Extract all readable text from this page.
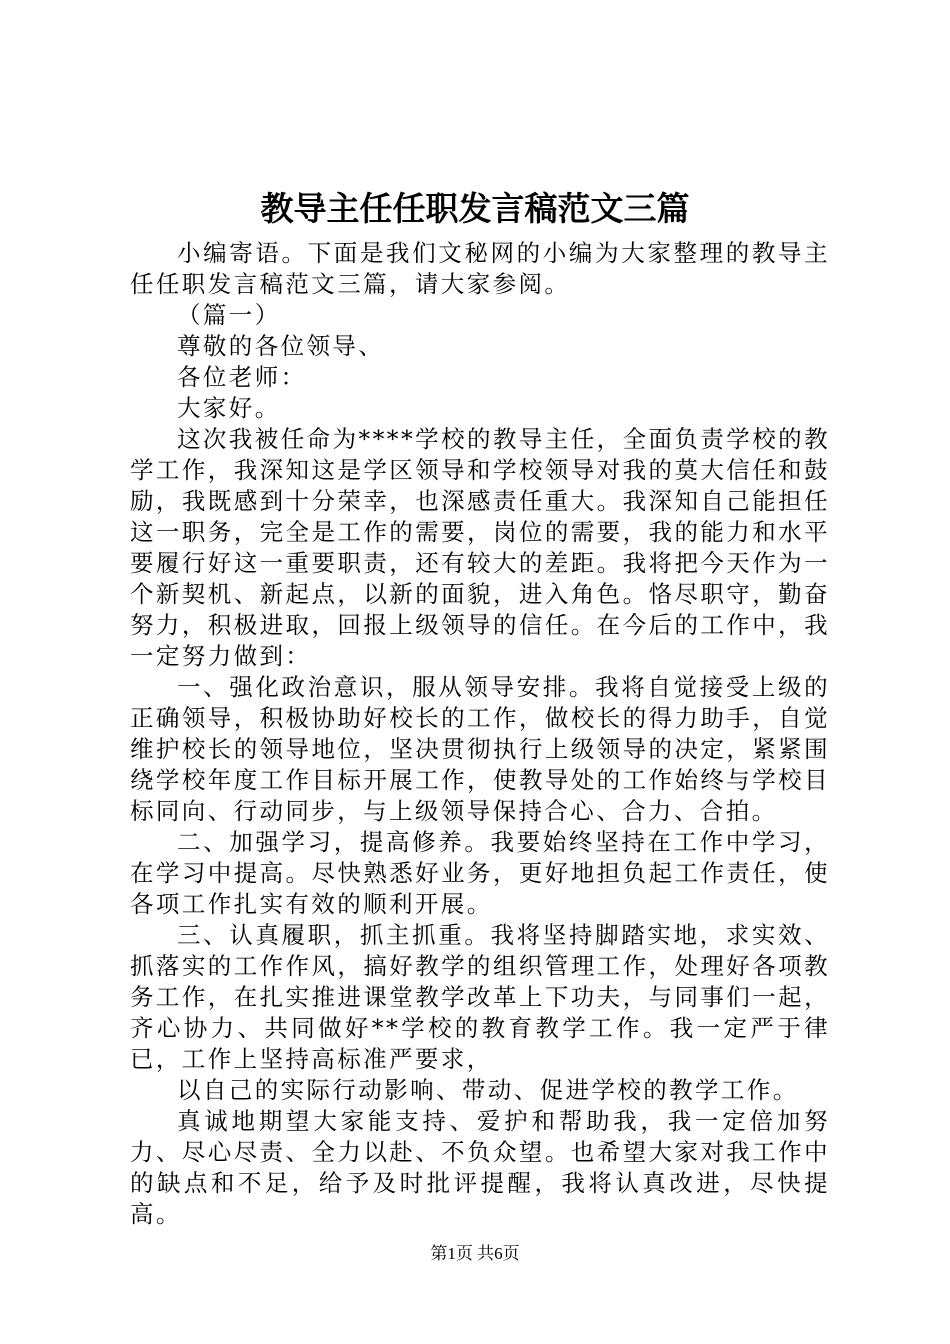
教导主任任职发言稿范文三篇

小编寄语。下面是我们文秘网的小编为大家整理的教导主任任职发言稿范文三篇，请大家参阅。

（篇一）

尊敬的各位领导、

各位老师：

大家好。

这次我被任命为****学校的教导主任，全面负责学校的教学工作，我深知这是学区领导和学校领导对我的莫大信任和鼓励，我既感到十分荣幸，也深感责任重大。我深知自己能担任这一职务，完全是工作的需要，岗位的需要，我的能力和水平要履行好这一重要职责，还有较大的差距。我将把今天作为一个新契机、新起点，以新的面貌，进入角色。恪尽职守，勤奋努力，积极进取，回报上级领导的信任。在今后的工作中，我一定努力做到：

一、强化政治意识，服从领导安排。我将自觉接受上级的正确领导，积极协助好校长的工作，做校长的得力助手，自觉维护校长的领导地位，坚决贯彻执行上级领导的决定，紧紧围绕学校年度工作目标开展工作，使教导处的工作始终与学校目标同向、行动同步，与上级领导保持合心、合力、合拍。

二、加强学习，提高修养。我要始终坚持在工作中学习，在学习中提高。尽快熟悉好业务，更好地担负起工作责任，使各项工作扎实有效的顺利开展。

三、认真履职，抓主抓重。我将坚持脚踏实地，求实效、抓落实的工作作风，搞好教学的组织管理工作，处理好各项教务工作，在扎实推进课堂教学改革上下功夫，与同事们一起，齐心协力、共同做好**学校的教育教学工作。我一定严于律已，工作上坚持高标准严要求，

以自己的实际行动影响、带动、促进学校的教学工作。

真诚地期望大家能支持、爱护和帮助我，我一定倍加努力、尽心尽责、全力以赴、不负众望。也希望大家对我工作中的缺点和不足，给予及时批评提醒，我将认真改进，尽快提高。

第1页 共6页
